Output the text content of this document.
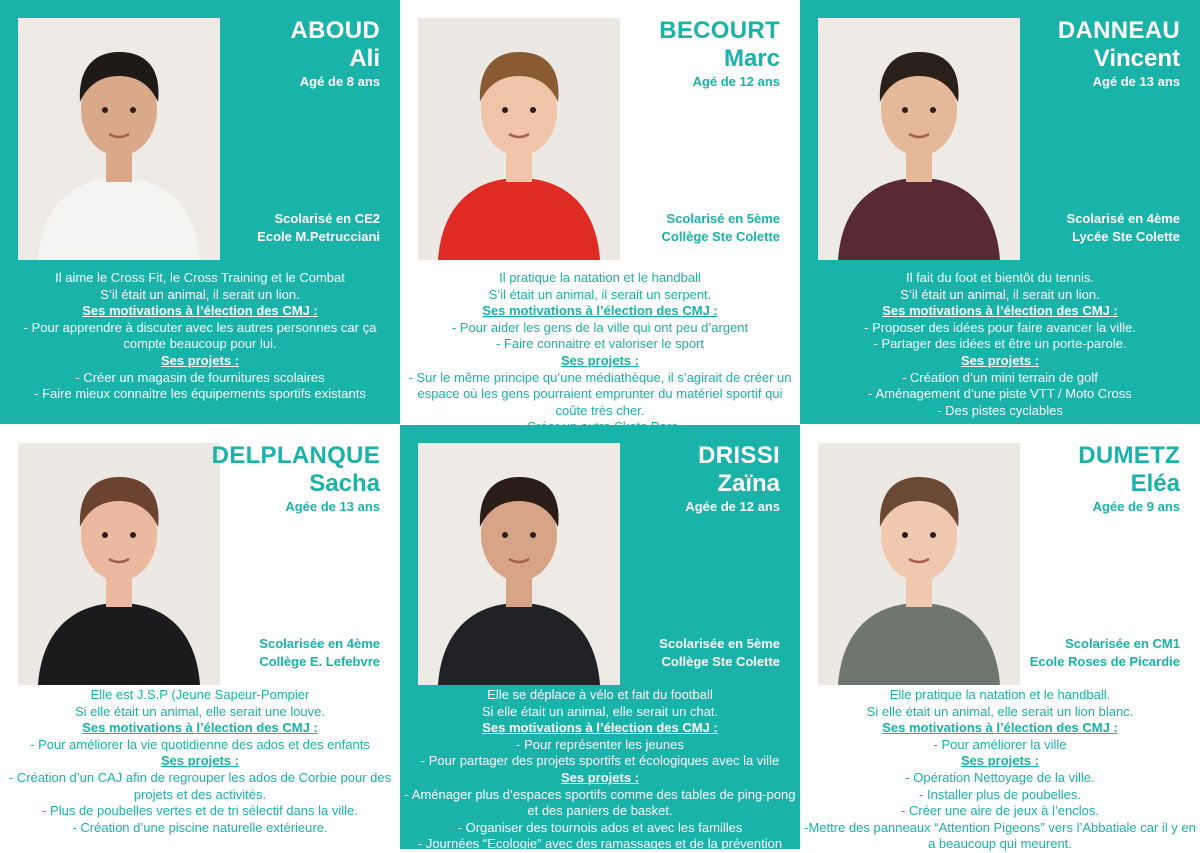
ABOUD
Ali
Agé de 8 ans
Scolarisé en CE2
Ecole M.Petrucciani
Il aime le Cross Fit, le Cross Training et le Combat
S’il était un animal, il serait un lion.
Ses motivations à l’élection des CMJ :
- Pour apprendre à discuter avec les autres personnes car ça compte beaucoup pour lui.
Ses projets :
- Créer un magasin de fournitures scolaires
- Faire mieux connaitre les équipements sportifs existants
BECOURT
Marc
Agé de 12 ans
Scolarisé en 5ème
Collège Ste Colette
Il pratique la natation et le handball
S’il était un animal, il serait un serpent.
Ses motivations à l’élection des CMJ :
- Pour aider les gens de la ville qui ont peu d’argent
- Faire connaitre et valoriser le sport
Ses projets :
- Sur le même principe qu’une médiathèque, il s’agirait de créer un espace où les gens pourraient emprunter du matériel sportif qui coûte très cher.
DANNEAU
Vincent
Agé de 13 ans
Scolarisé en 4ème
Lycée Ste Colette
Il fait du foot et bientôt du tennis.
S’il était un animal, il serait un lion.
Ses motivations à l’élection des CMJ :
- Proposer des idées pour faire avancer la ville.
- Partager des idées et être un porte-parole.
Ses projets :
- Création d’un mini terrain de golf
- Aménagement d’une piste VTT / Moto Cross
- Des pistes cyclables
DELPLANQUE
Sacha
Agée de 13 ans
Scolarisée en 4ème
Collège E. Lefebvre
Elle est J.S.P (Jeune Sapeur-Pompier
Si elle était un animal, elle serait une louve.
Ses motivations à l’élection des CMJ :
- Pour améliorer la vie quotidienne des ados et des enfants
Ses projets :
- Création d’un CAJ afin de regrouper les ados de Corbie pour des projets et des activités.
- Plus de poubelles vertes et de tri sélectif dans la ville.
- Création d’une piscine naturelle extérieure.
DRISSI
Zaïna
Agée de 12 ans
Scolarisée en 5ème
Collège Ste Colette
Elle se déplace à vélo et fait du football
Si elle était un animal, elle serait un chat.
Ses motivations à l’élection des CMJ :
- Pour représenter les jeunes
- Pour partager des projets sportifs et écologiques avec la ville
Ses projets :
- Aménager plus d’espaces sportifs comme des tables de ping-pong et des paniers de basket.
- Organiser des tournois ados et avec les familles
- Journées “Ecologie” avec des ramassages et de la prévention
DUMETZ
Eléa
Agée de 9 ans
Scolarisée en CM1
Ecole Roses de Picardie
Elle pratique la natation et le handball.
Si elle était un animal, elle serait un lion blanc.
Ses motivations à l’élection des CMJ :
- Pour améliorer la ville
Ses projets :
- Opération Nettoyage de la ville.
- Installer plus de poubelles.
- Créer une aire de jeux à l’enclos.
-Mettre des panneaux “Attention Pigeons” vers l’Abbatiale car il y en a beaucoup qui meurent.
